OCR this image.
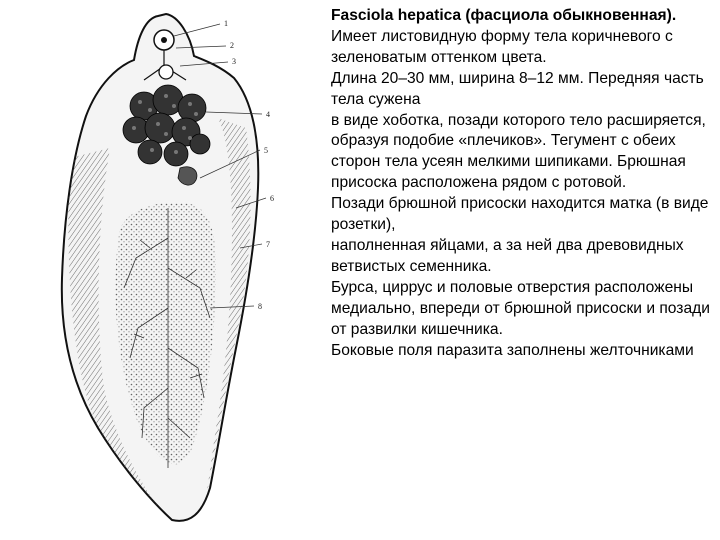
1
2
3
4
5
6
7
8

Fasciola hepatica (фасциола обыкновенная).

Имеет листовидную форму тела коричневого с зеленоватым оттенком цвета.

Длина 20–30 мм, ширина 8–12 мм. Передняя часть тела сужена

в виде хоботка, позади которого тело расширяется, образуя подобие «плечиков». Тегумент с обеих сторон тела усеян мелкими шипиками. Брюшная присоска расположена рядом с ротовой.

Позади брюшной присоски находится матка (в виде розетки),

наполненная яйцами, а за ней два древовидных ветвистых семенника.

Бурса, циррус и половые отверстия расположены медиально, впереди от брюшной присоски и позади от развилки кишечника.

Боковые поля паразита заполнены желточниками
